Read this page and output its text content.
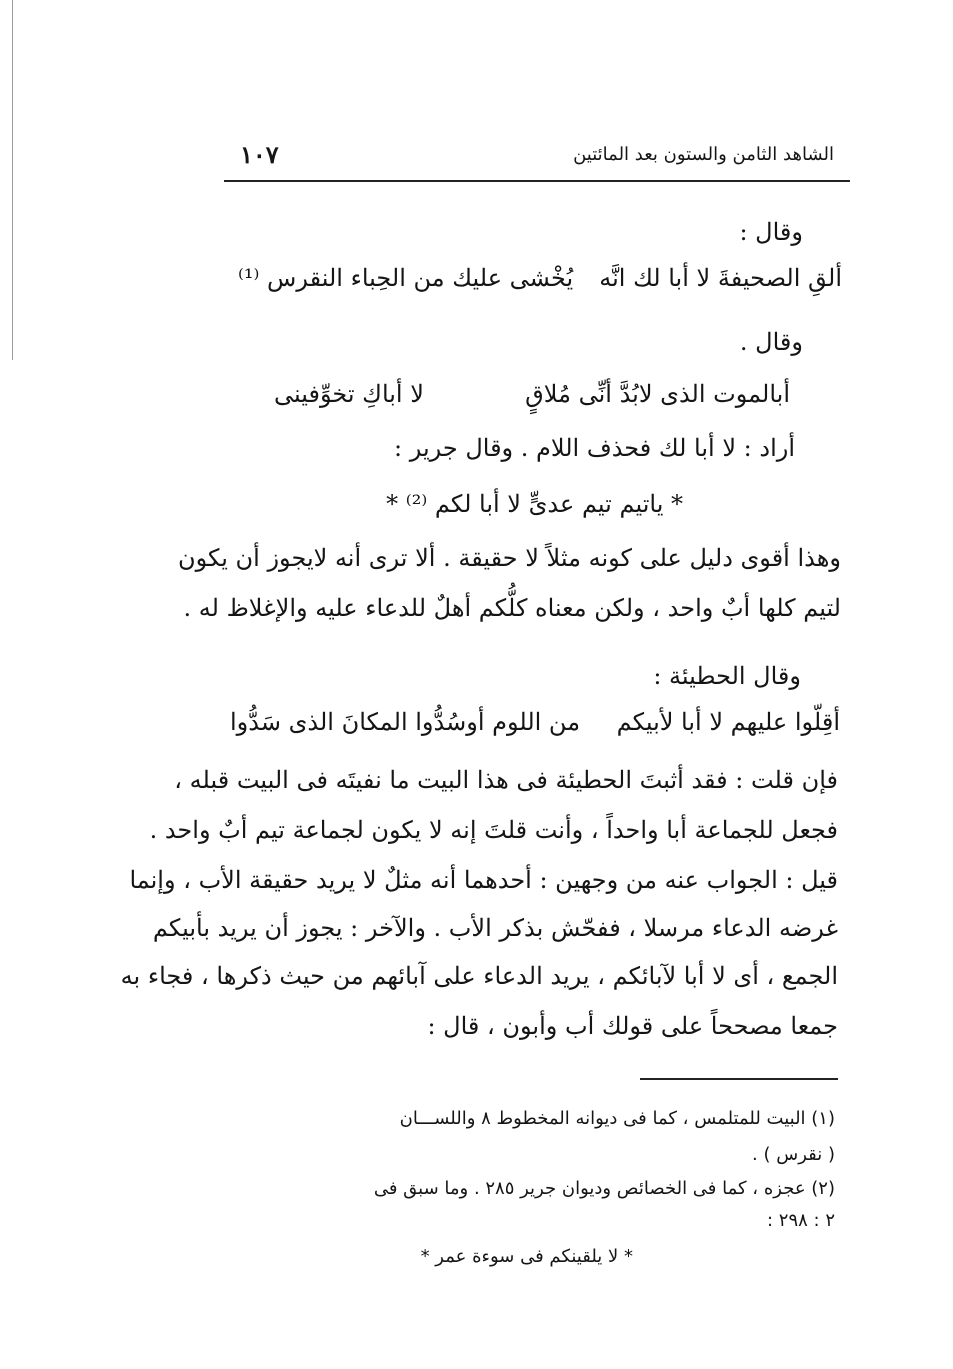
الشاهد الثامن والستون بعد المائتين
١٠٧
وقال :
ألقِ الصحيفةَ لا أبا لك انَّه
يُخْشى عليك من الحِباء النقرس ⁽¹⁾
وقال .
أبالموت الذى لابُدَّ أنِّى مُلاقٍ
لا أباكِ تخوِّفينى
أراد : لا أبا لك فحذف اللام . وقال جرير :
* ياتيم تيم عدىٍّ لا أبا لكم ⁽²⁾ *
وهذا أقوى دليل على كونه مثلاً لا حقيقة . ألا ترى أنه لايجوز أن يكون
لتيم كلها أبٌ واحد ، ولكن معناه كلُّكم أهلٌ للدعاء عليه والإغلاظ له .
وقال الحطيئة :
أقِلّوا عليهم لا أبا لأبيكم
من اللوم أوسُدُّوا المكانَ الذى سَدُّوا
فإن قلت : فقد أثبتَ الحطيئة فى هذا البيت ما نفيتَه فى البيت قبله ،
فجعل للجماعة أبا واحداً ، وأنت قلتَ إنه لا يكون لجماعة تيم أبٌ واحد .
قيل : الجواب عنه من وجهين : أحدهما أنه مثلٌ لا يريد حقيقة الأب ، وإنما
غرضه الدعاء مرسلا ، ففحّش بذكر الأب . والآخر : يجوز أن يريد بأبيكم
الجمع ، أى لا أبا لآبائكم ، يريد الدعاء على آبائهم من حيث ذكرها ، فجاء به
جمعا مصححاً على قولك أب وأبون ، قال :
(١) البيت للمتلمس ، كما فى ديوانه المخطوط ٨ واللســـان
( نقرس ) .
(٢) عجزه ، كما فى الخصائص وديوان جرير ٢٨٥ . وما سبق فى
٢ : ٢٩٨ :
* لا يلقينكم فى سوءة عمر *
